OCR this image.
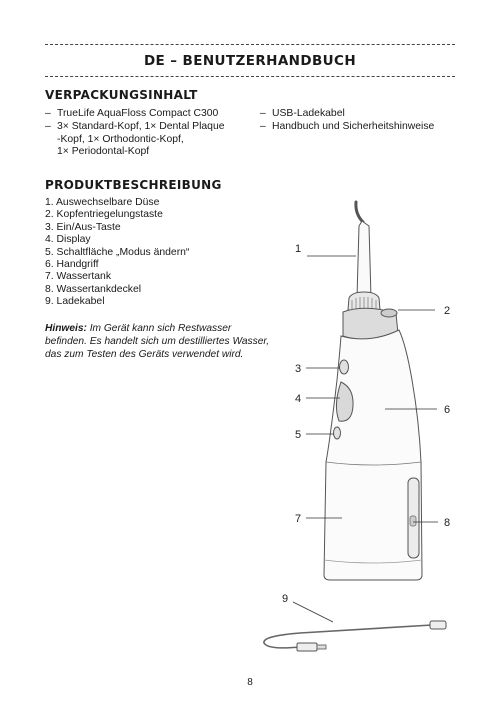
DE – BENUTZERHANDBUCH
VERPACKUNGSINHALT
– TrueLife AquaFloss Compact C300
– 3× Standard-Kopf, 1× Dental Plaque
-Kopf, 1× Orthodontic-Kopf,
1× Periodontal-Kopf
– USB-Ladekabel
– Handbuch und Sicherheitshinweise
PRODUKTBESCHREIBUNG
1. Auswechselbare Düse
2. Kopfentriegelungstaste
3. Ein/Aus-Taste
4. Display
5. Schaltfläche „Modus ändern“
6. Handgriff
7. Wassertank
8. Wassertankdeckel
9. Ladekabel
Hinweis: Im Gerät kann sich Restwasser befinden. Es handelt sich um destilliertes Wasser, das zum Testen des Geräts verwendet wird.
1
2
3
4
5
6
7	8
9
8
